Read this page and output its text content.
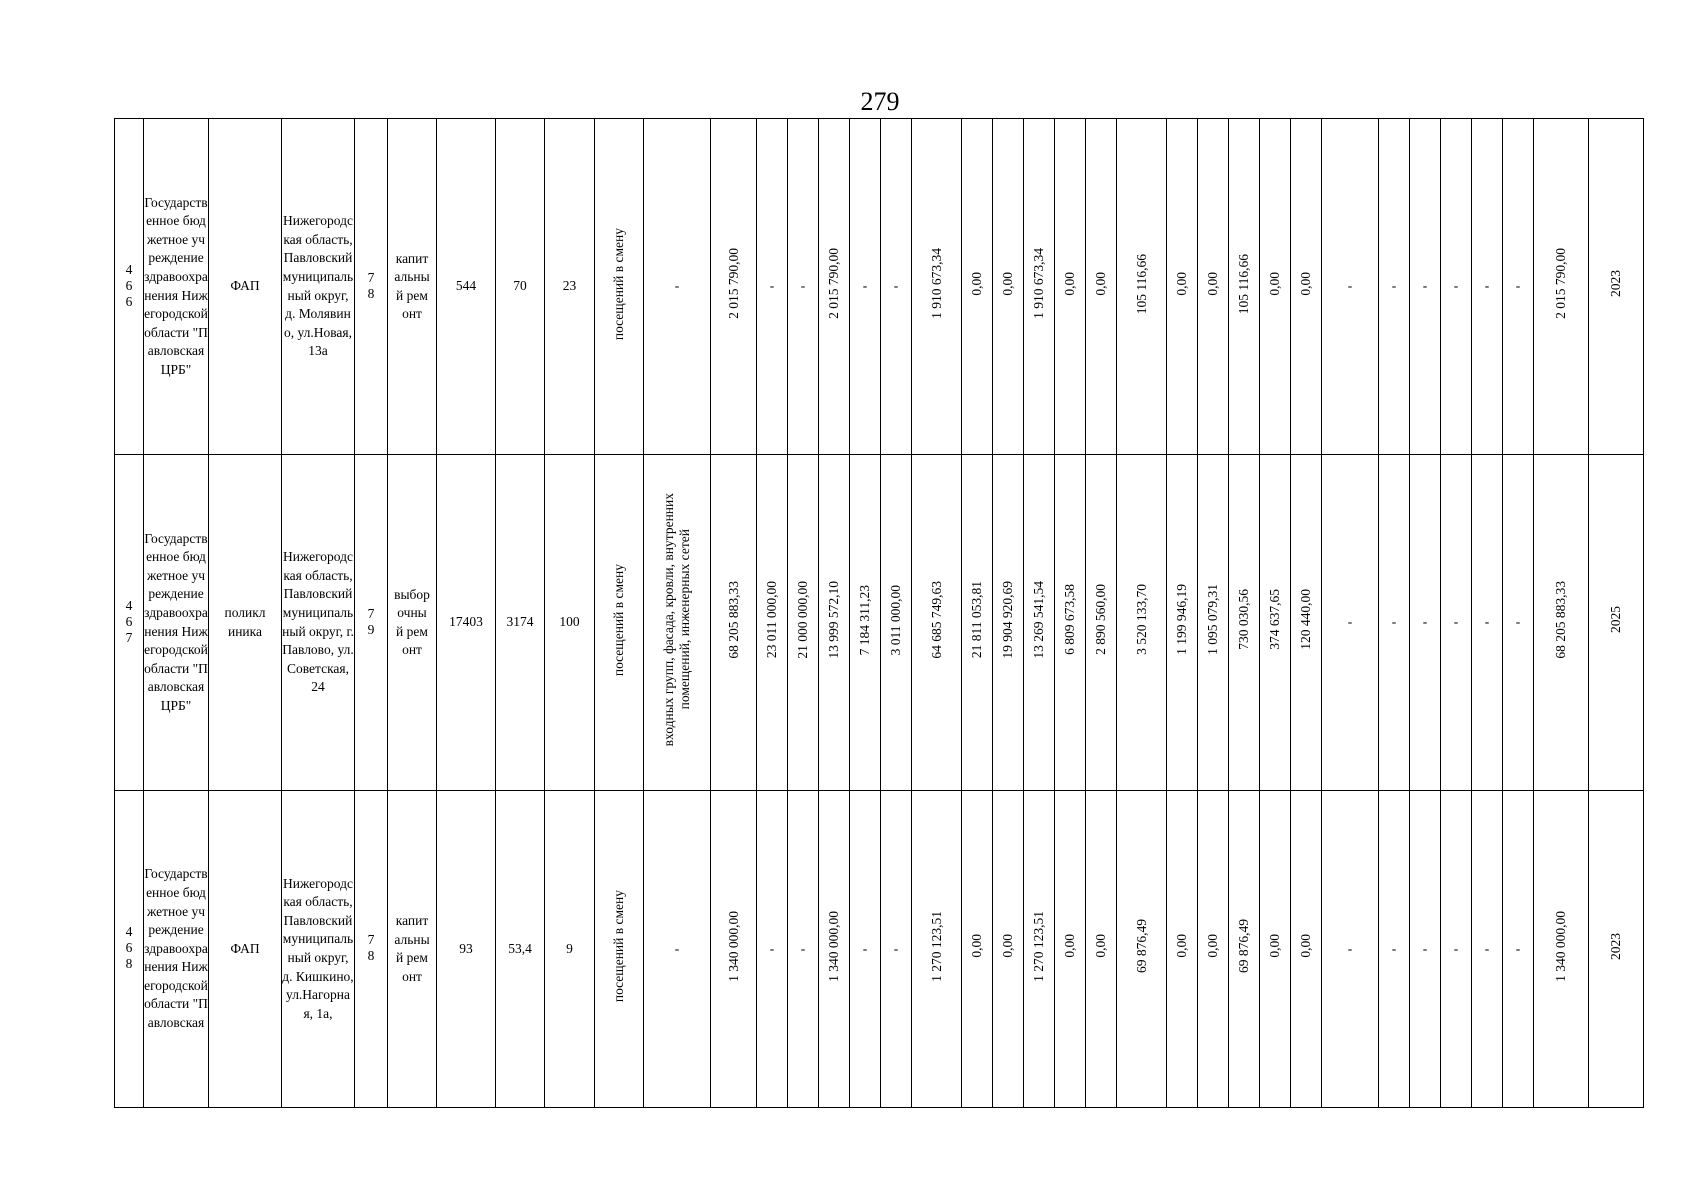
279
466	Государственное бюджетное учреждение здравоохранения Нижегородской области "Павловская ЦРБ"	ФАП	Нижегородская область, Павловский муниципальный округ, д. Молявино, ул.Новая, 13а	78	капитальный ремонт	544	70	23	посещений в смену	-	2 015 790,00	-	-	2 015 790,00	-	-	1 910 673,34	0,00	0,00	1 910 673,34	0,00	0,00	105 116,66	0,00	0,00	105 116,66	0,00	0,00	-	-	-	-	-	-	2 015 790,00	2023
467	Государственное бюджетное учреждение здравоохранения Нижегородской области "Павловская ЦРБ"	поликлиника	Нижегородская область, Павловский муниципальный округ, г. Павлово, ул.Советская, 24	79	выборочный ремонт	17403	3174	100	посещений в смену	входных групп, фасада, кровли, внутренних
помещений, инженерных сетей	68 205 883,33	23 011 000,00	21 000 000,00	13 999 572,10	7 184 311,23	3 011 000,00	64 685 749,63	21 811 053,81	19 904 920,69	13 269 541,54	6 809 673,58	2 890 560,00	3 520 133,70	1 199 946,19	1 095 079,31	730 030,56	374 637,65	120 440,00	-	-	-	-	-	-	68 205 883,33	2025
468	Государственное бюджетное учреждение здравоохранения Нижегородской области "Павловская	ФАП	Нижегородская область, Павловский муниципальный округ, д. Кишкино, ул.Нагорная, 1а,	78	капитальный ремонт	93	53,4	9	посещений в смену	-	1 340 000,00	-	-	1 340 000,00	-	-	1 270 123,51	0,00	0,00	1 270 123,51	0,00	0,00	69 876,49	0,00	0,00	69 876,49	0,00	0,00	-	-	-	-	-	-	1 340 000,00	2023
